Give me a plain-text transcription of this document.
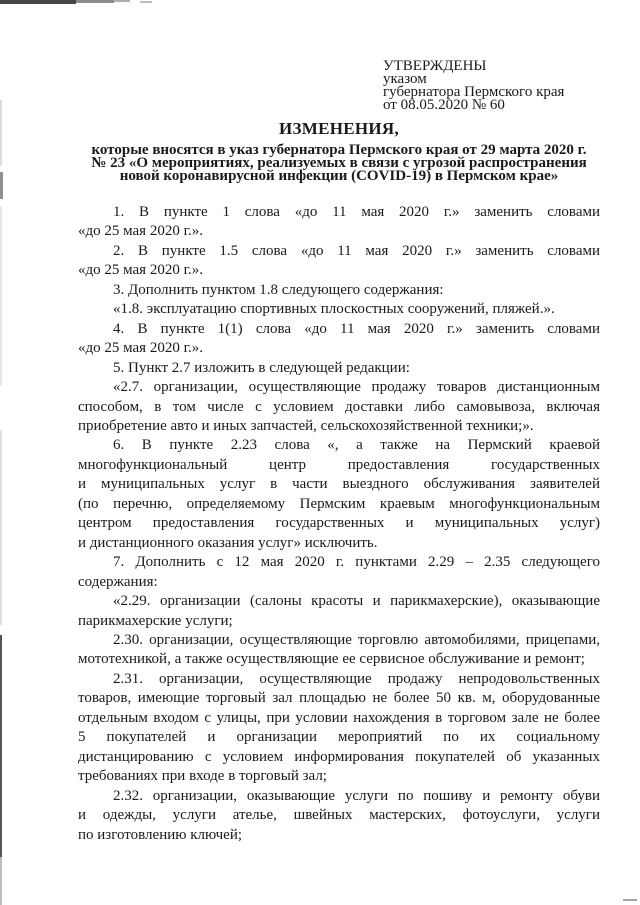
УТВЕРЖДЕНЫ
указом
губернатора Пермского края
от 08.05.2020 № 60
ИЗМЕНЕНИЯ,
которые вносятся в указ губернатора Пермского края от 29 марта 2020 г.
№ 23 «О мероприятиях, реализуемых в связи с угрозой распространения
новой коронавирусной инфекции (COVID-19) в Пермском крае»
1. В пункте 1 слова «до 11 мая 2020 г.» заменить словами
«до 25 мая 2020 г.».
2. В пункте 1.5 слова «до 11 мая 2020 г.» заменить словами
«до 25 мая 2020 г.».
3. Дополнить пунктом 1.8 следующего содержания:
«1.8. эксплуатацию спортивных плоскостных сооружений, пляжей.».
4. В пункте 1(1) слова «до 11 мая 2020 г.» заменить словами
«до 25 мая 2020 г.».
5. Пункт 2.7 изложить в следующей редакции:
«2.7. организации, осуществляющие продажу товаров дистанционным
способом, в том числе с условием доставки либо самовывоза, включая
приобретение авто и иных запчастей, сельскохозяйственной техники;».
6. В пункте 2.23 слова «, а также на Пермский краевой
многофункциональный центр предоставления государственных
и муниципальных услуг в части выездного обслуживания заявителей
(по перечню, определяемому Пермским краевым многофункциональным
центром предоставления государственных и муниципальных услуг)
и дистанционного оказания услуг» исключить.
7. Дополнить с 12 мая 2020 г. пунктами 2.29 – 2.35 следующего
содержания:
«2.29. организации (салоны красоты и парикмахерские), оказывающие
парикмахерские услуги;
2.30. организации, осуществляющие торговлю автомобилями, прицепами,
мототехникой, а также осуществляющие ее сервисное обслуживание и ремонт;
2.31. организации, осуществляющие продажу непродовольственных
товаров, имеющие торговый зал площадью не более 50 кв. м, оборудованные
отдельным входом с улицы, при условии нахождения в торговом зале не более
5 покупателей и организации мероприятий по их социальному
дистанцированию с условием информирования покупателей об указанных
требованиях при входе в торговый зал;
2.32. организации, оказывающие услуги по пошиву и ремонту обуви
и одежды, услуги ателье, швейных мастерских, фотоуслуги, услуги
по изготовлению ключей;
